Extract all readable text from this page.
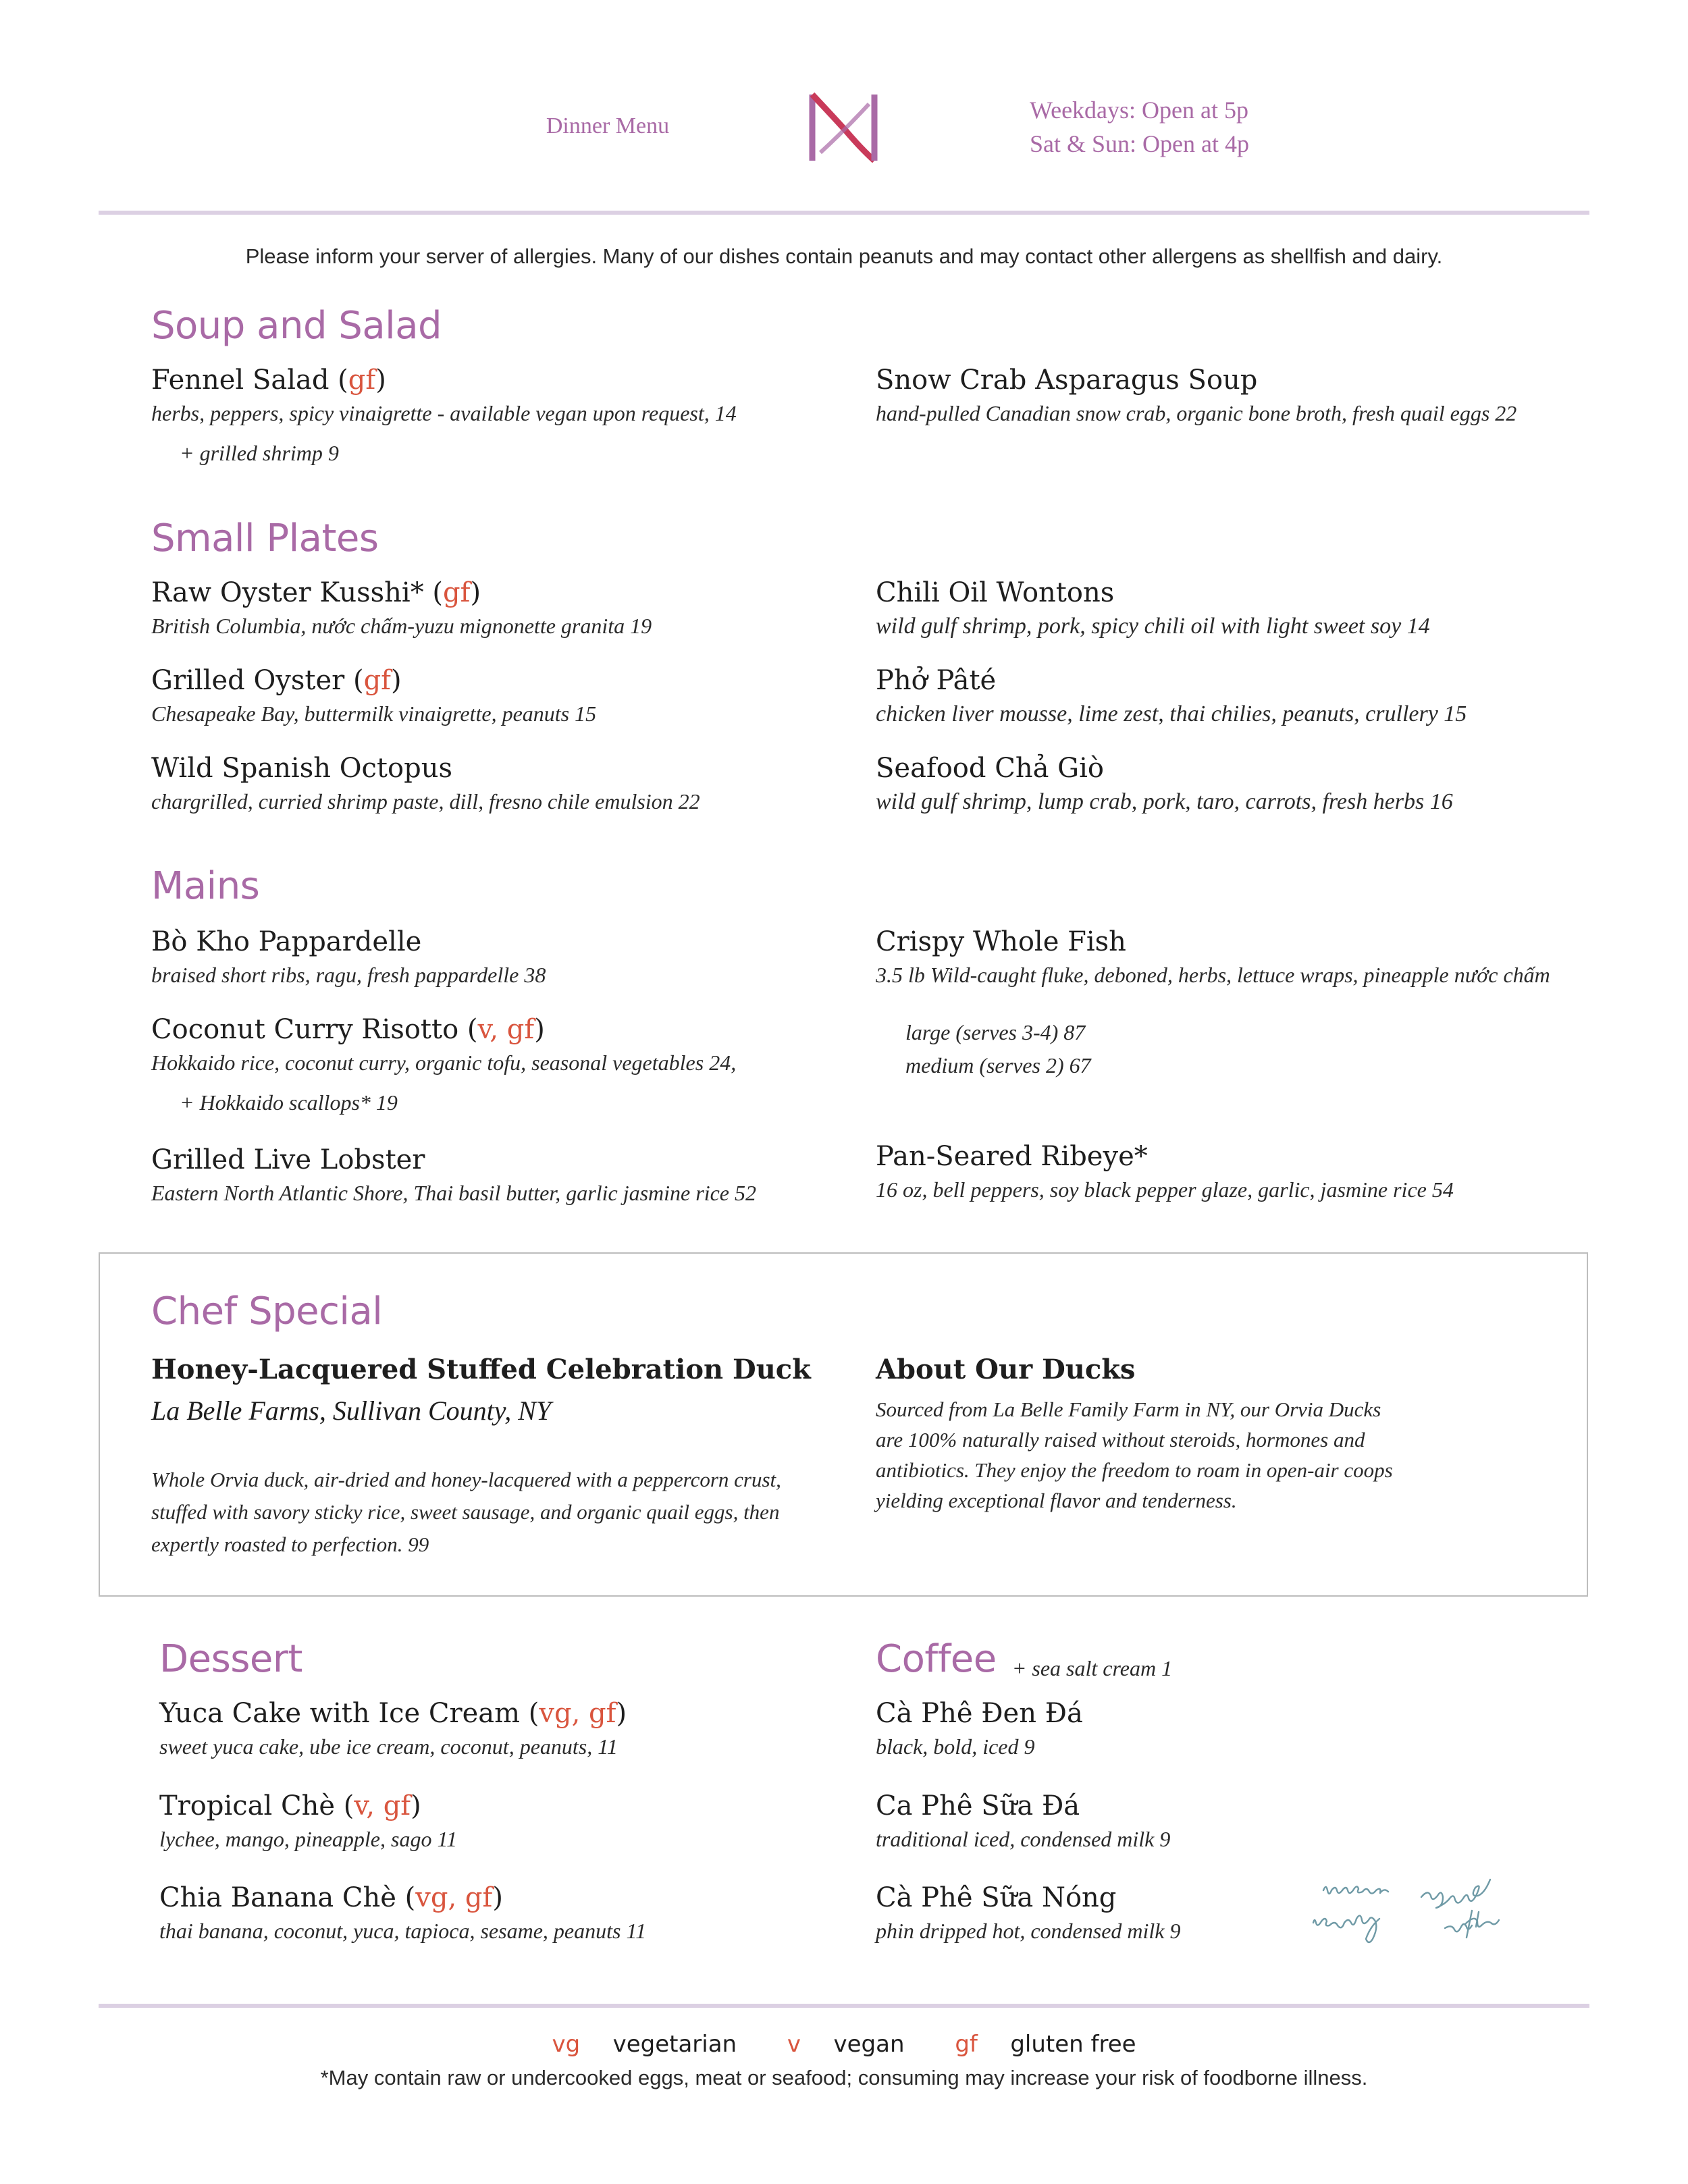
Dinner Menu
Weekdays: Open at 5p
Sat & Sun: Open at 4p
Please inform your server of allergies. Many of our dishes contain peanuts and may contact other allergens as shellfish and dairy.
Soup and Salad
Fennel Salad (gf)
herbs, peppers, spicy vinaigrette - available vegan upon request, 14
+ grilled shrimp 9
Snow Crab Asparagus Soup
hand-pulled Canadian snow crab, organic bone broth, fresh quail eggs 22
Small Plates
Raw Oyster Kusshi* (gf)
British Columbia, nước chấm-yuzu mignonette granita 19
Chili Oil Wontons
wild gulf shrimp, pork, spicy chili oil with light sweet soy 14
Grilled Oyster (gf)
Chesapeake Bay, buttermilk vinaigrette, peanuts 15
Phở Pâté
chicken liver mousse, lime zest, thai chilies, peanuts, crullery 15
Wild Spanish Octopus
chargrilled, curried shrimp paste, dill, fresno chile emulsion 22
Seafood Chả Giò
wild gulf shrimp, lump crab, pork, taro, carrots, fresh herbs 16
Mains
Bò Kho Pappardelle
braised short ribs, ragu, fresh pappardelle 38
Crispy Whole Fish
3.5 lb Wild-caught fluke, deboned, herbs, lettuce wraps, pineapple nước chấm
large (serves 3-4) 87
medium (serves 2) 67
Coconut Curry Risotto (v, gf)
Hokkaido rice, coconut curry, organic tofu, seasonal vegetables 24,
+ Hokkaido scallops* 19
Grilled Live Lobster
Eastern North Atlantic Shore, Thai basil butter, garlic jasmine rice 52
Pan-Seared Ribeye*
16 oz, bell peppers, soy black pepper glaze, garlic, jasmine rice 54
Chef Special
Honey-Lacquered Stuffed Celebration Duck
La Belle Farms, Sullivan County, NY
Whole Orvia duck, air-dried and honey-lacquered with a peppercorn crust,
stuffed with savory sticky rice, sweet sausage, and organic quail eggs, then
expertly roasted to perfection. 99
About Our Ducks
Sourced from La Belle Family Farm in NY, our Orvia Ducks
are 100% naturally raised without steroids, hormones and
antibiotics. They enjoy the freedom to roam in open-air coops
yielding exceptional flavor and tenderness.
Dessert
Yuca Cake with Ice Cream (vg, gf)
sweet yuca cake, ube ice cream, coconut, peanuts, 11
Tropical Chè (v, gf)
lychee, mango, pineapple, sago 11
Chia Banana Chè (vg, gf)
thai banana, coconut, yuca, tapioca, sesame, peanuts 11
Coffee + sea salt cream 1
Cà Phê Đen Đá
black, bold, iced 9
Ca Phê Sữa Đá
traditional iced, condensed milk 9
Cà Phê Sữa Nóng
phin dripped hot, condensed milk 9
vg vegetarian v vegan gf gluten free
*May contain raw or undercooked eggs, meat or seafood; consuming may increase your risk of foodborne illness.
